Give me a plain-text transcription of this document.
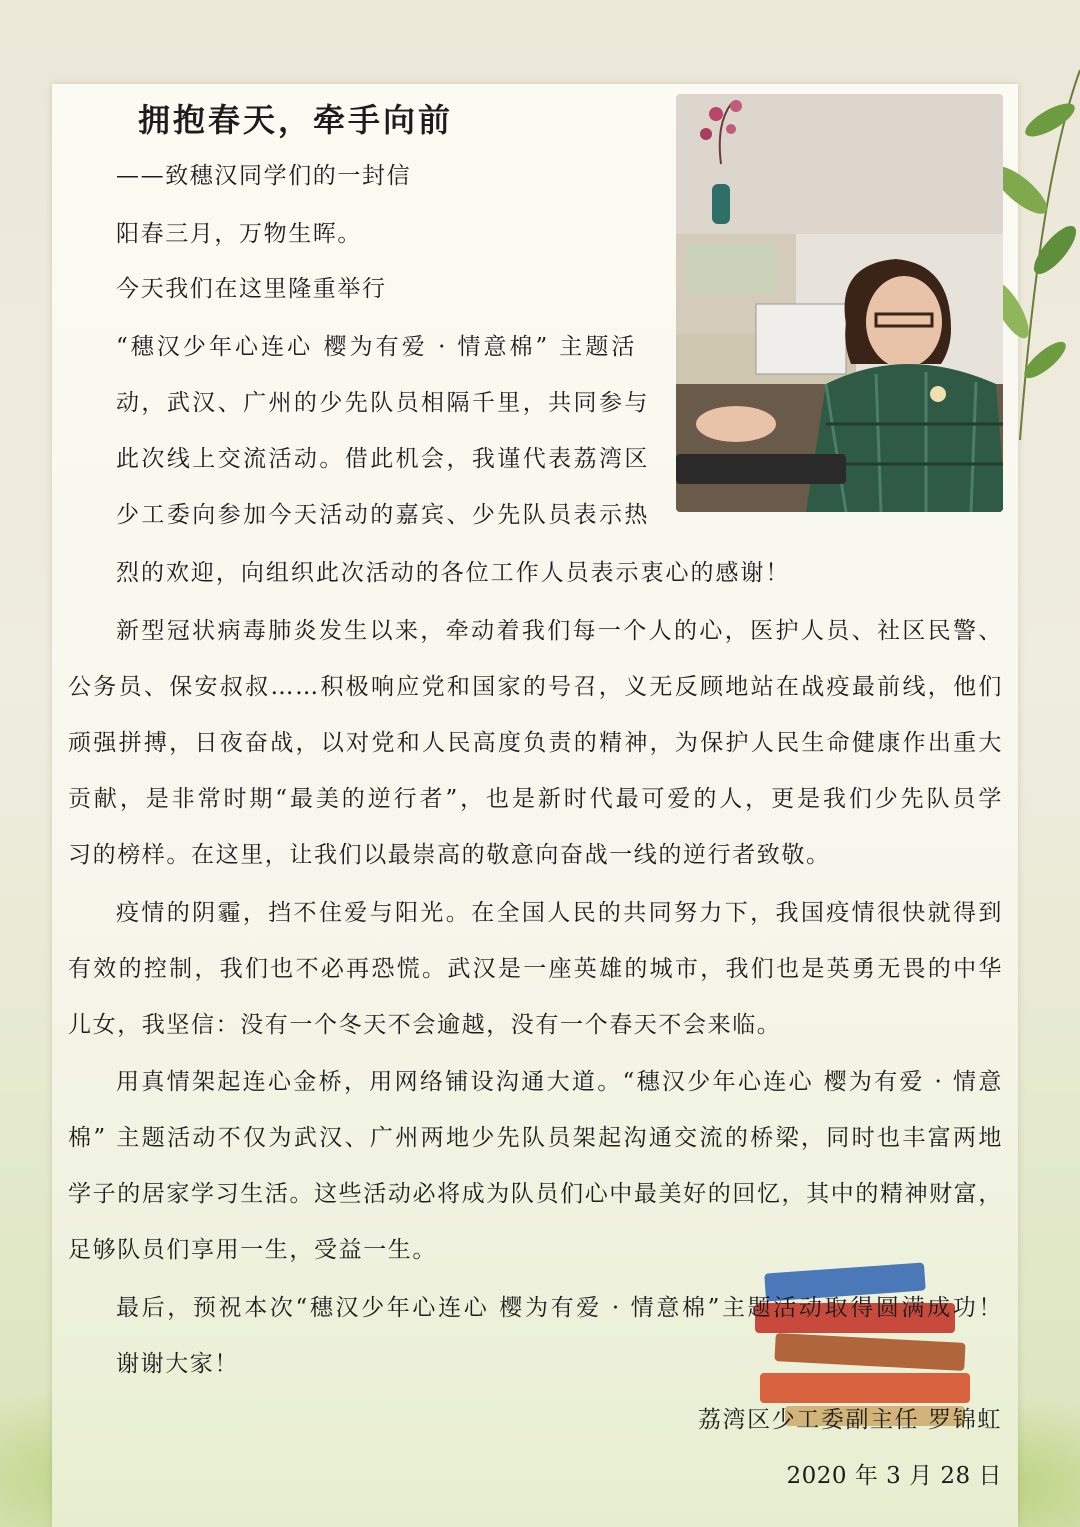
拥抱春天，牵手向前
——致穗汉同学们的一封信
阳春三月，万物生晖。
今天我们在这里隆重举行
“穗汉少年心连心 樱为有爱 · 情意棉” 主题活
动，武汉、广州的少先队员相隔千里，共同参与
此次线上交流活动。借此机会，我谨代表荔湾区
少工委向参加今天活动的嘉宾、少先队员表示热
烈的欢迎，向组织此次活动的各位工作人员表示衷心的感谢！
新型冠状病毒肺炎发生以来，牵动着我们每一个人的心，医护人员、社区民警、
公务员、保安叔叔……积极响应党和国家的号召，义无反顾地站在战疫最前线，他们
顽强拼搏，日夜奋战，以对党和人民高度负责的精神，为保护人民生命健康作出重大
贡献，是非常时期“最美的逆行者”，也是新时代最可爱的人，更是我们少先队员学
习的榜样。在这里，让我们以最崇高的敬意向奋战一线的逆行者致敬。
疫情的阴霾，挡不住爱与阳光。在全国人民的共同努力下，我国疫情很快就得到
有效的控制，我们也不必再恐慌。武汉是一座英雄的城市，我们也是英勇无畏的中华
儿女，我坚信：没有一个冬天不会逾越，没有一个春天不会来临。
用真情架起连心金桥，用网络铺设沟通大道。“穗汉少年心连心 樱为有爱 · 情意
棉” 主题活动不仅为武汉、广州两地少先队员架起沟通交流的桥梁，同时也丰富两地
学子的居家学习生活。这些活动必将成为队员们心中最美好的回忆，其中的精神财富，
足够队员们享用一生，受益一生。
最后，预祝本次“穗汉少年心连心 樱为有爱 · 情意棉”主题活动取得圆满成功！
谢谢大家！
荔湾区少工委副主任 罗锦虹
2020 年 3 月 28 日
